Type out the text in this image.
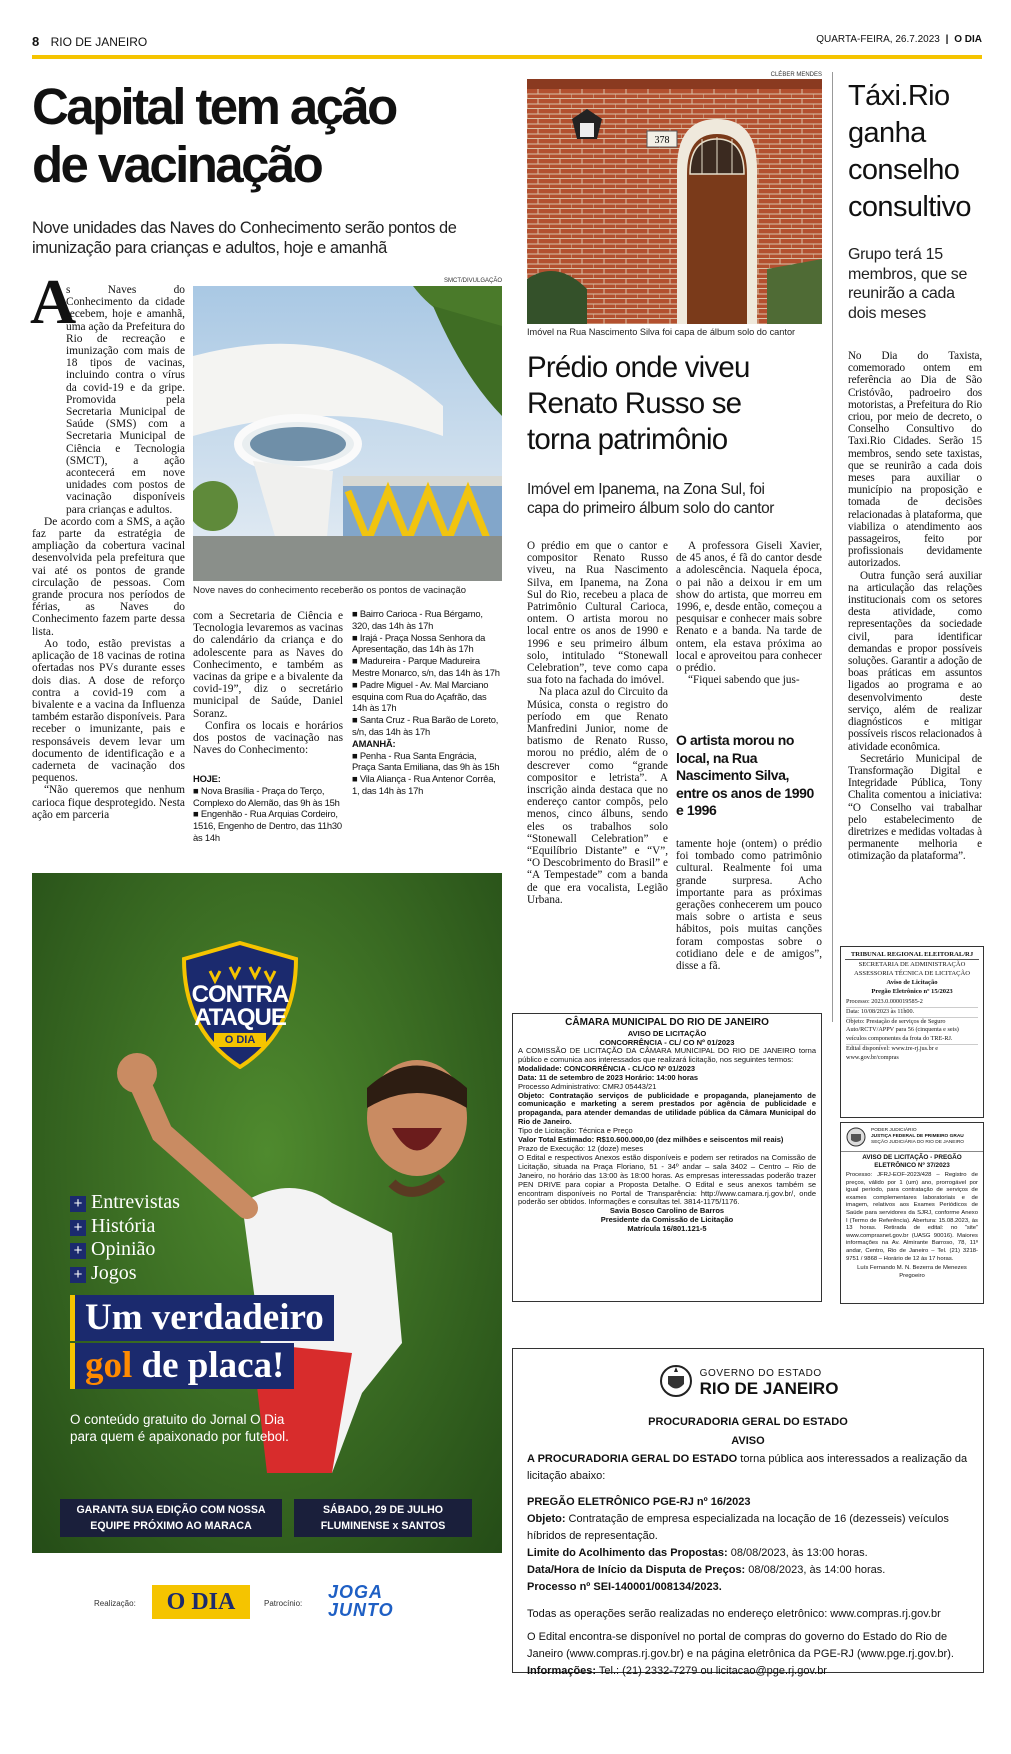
8 RIO DE JANEIRO	QUARTA-FEIRA, 26.7.2023 | O DIA
Capital tem ação
de vacinação
Nove unidades das Naves do Conhecimento serão pontos de
imunização para crianças e adultos, hoje e amanhã
SMCT/DIVULGAÇÃO
Nove naves do conhecimento receberão os pontos de vacinação
A

s Naves do Conhecimento da cidade recebem, hoje e amanhã, uma ação da Prefeitura do Rio de recreação e imunização com mais de 18 tipos de vacinas, incluindo contra o vírus da covid-19 e da gripe. Promovida pela Secretaria Municipal de Saúde (SMS) com a Secretaria Municipal de Ciência e Tecnologia (SMCT), a ação acontecerá em nove unidades com postos de vacinação disponíveis para crianças e adultos.

De acordo com a SMS, a ação faz parte da estratégia de ampliação da cobertura vacinal desenvolvida pela prefeitura que vai até os pontos de grande circulação de pessoas. Com grande procura nos períodos de férias, as Naves do Conhecimento fazem parte dessa lista.

Ao todo, estão previstas a aplicação de 18 vacinas de rotina ofertadas nos PVs durante esses dois dias. A dose de reforço contra a covid-19 com a bivalente e a vacina da Influenza também estarão disponíveis. Para receber o imunizante, pais e responsáveis devem levar um documento de identificação e a caderneta de vacinação dos pequenos.

“Não queremos que nenhum carioca fique desprotegido. Nesta ação em parceria

com a Secretaria de Ciência e Tecnologia levaremos as vacinas do calendário da criança e do adolescente para as Naves do Conhecimento, e também as vacinas da gripe e a bivalente da covid-19”, diz o secretário municipal de Saúde, Daniel Soranz.

Confira os locais e horários dos postos de vacinação nas Naves do Conhecimento:

HOJE:
■ Nova Brasília - Praça do Terço, Complexo do Alemão, das 9h às 15h
■ Engenhão - Rua Arquias Cordeiro, 1516, Engenho de Dentro, das 11h30 às 14h
■ Bairro Carioca - Rua Bérgamo, 320, das 14h às 17h
■ Irajá - Praça Nossa Senhora da Apresentação, das 14h às 17h
■ Madureira - Parque Madureira Mestre Monarco, s/n, das 14h às 17h
■ Padre Miguel - Av. Mal Marciano esquina com Rua do Açafrão, das 14h às 17h
■ Santa Cruz - Rua Barão de Loreto, s/n, das 14h às 17h
AMANHÃ:
■ Penha - Rua Santa Engrácia, Praça Santa Emiliana, das 9h às 15h
■ Vila Aliança - Rua Antenor Corrêa, 1, das 14h às 17h
CLÉBER MENDES
378
Imóvel na Rua Nascimento Silva foi capa de álbum solo do cantor
Prédio onde viveu
Renato Russo se
torna patrimônio
Imóvel em Ipanema, na Zona Sul, foi
capa do primeiro álbum solo do cantor

O prédio em que o cantor e compositor Renato Russo viveu, na Rua Nascimento Silva, em Ipanema, na Zona Sul do Rio, recebeu a placa de Patrimônio Cultural Carioca, ontem. O artista morou no local entre os anos de 1990 e 1996 e seu primeiro álbum solo, intitulado “Stonewall Celebration”, teve como capa sua foto na fachada do imóvel.

Na placa azul do Circuito da Música, consta o registro do período em que Renato Manfredini Junior, nome de batismo de Renato Russo, morou no prédio, além de o descrever como “grande compositor e letrista”. A inscrição ainda destaca que no endereço cantor compôs, pelo menos, cinco álbuns, sendo eles os trabalhos solo “Stonewall Celebration” e “Equilíbrio Distante” e “V”, “O Descobrimento do Brasil” e “A Tempestade” com a banda de que era vocalista, Legião Urbana.

A professora Giseli Xavier, de 45 anos, é fã do cantor desde a adolescência. Naquela época, o pai não a deixou ir em um show do artista, que morreu em 1996, e, desde então, começou a pesquisar e conhecer mais sobre Renato e a banda. Na tarde de ontem, ela estava próxima ao local e aproveitou para conhecer o prédio.

“Fiquei sabendo que jus-

O artista morou no local, na Rua Nascimento Silva, entre os anos de 1990 e 1996

tamente hoje (ontem) o prédio foi tombado como patrimônio cultural. Realmente foi uma grande surpresa. Acho importante para as próximas gerações conhecerem um pouco mais sobre o artista e seus hábitos, pois muitas canções foram compostas sobre o cotidiano dele e de amigos”, disse a fã.

Táxi.Rio
ganha
conselho
consultivo
Grupo terá 15 membros, que se reunirão a cada dois meses

No Dia do Taxista, comemorado ontem em referência ao Dia de São Cristóvão, padroeiro dos motoristas, a Prefeitura do Rio criou, por meio de decreto, o Conselho Consultivo do Taxi.Rio Cidades. Serão 15 membros, sendo sete taxistas, que se reunirão a cada dois meses para auxiliar o município na proposição e tomada de decisões relacionadas à plataforma, que viabiliza o atendimento aos passageiros, feito por profissionais devidamente autorizados.

Outra função será auxiliar na articulação das relações institucionais com os setores desta atividade, como representações da sociedade civil, para identificar demandas e propor possíveis soluções. Garantir a adoção de boas práticas em assuntos ligados ao programa e ao desenvolvimento deste serviço, além de realizar diagnósticos e mitigar possíveis riscos relacionados à atividade econômica.

Secretário Municipal de Transformação Digital e Integridade Pública, Tony Chalita comentou a iniciativa: “O Conselho vai trabalhar pelo estabelecimento de diretrizes e medidas voltadas à permanente melhoria e otimização da plataforma”.

TRIBUNAL REGIONAL ELEITORAL/RJ
SECRETARIA DE ADMINISTRAÇÃO
ASSESSORIA TÉCNICA DE LICITAÇÃO
Aviso de Licitação
Pregão Eletrônico nº 15/2023
Processo: 2023.0.000019585-2
Data: 10/08/2023 às 11h00.
Objeto: Prestação de serviços de Seguro Auto/RCTV/APPV para 56 (cinquenta e seis) veículos componentes da frota do TRE-RJ.
Edital disponível: www.tre-rj.jus.br e www.gov.br/compras
PODER JUDICIÁRIO
JUSTIÇA FEDERAL DE PRIMEIRO GRAU
SEÇÃO JUDICIÁRIA DO RIO DE JANEIRO
AVISO DE LICITAÇÃO - PREGÃO ELETRÔNICO Nº 37/2023
Processo: JFRJ-EOF-2023/428 – Registro de preços, válido por 1 (um) ano, prorrogável por igual período, para contratação de serviços de exames complementares laboratoriais e de imagem, relativos aos Exames Periódicos de Saúde para servidores da SJRJ, conforme Anexo I (Termo de Referência). Abertura: 15.08.2023, às 13 horas. Retirada de edital: no “site” www.comprasnet.gov.br (UASG 90016). Maiores informações na Av. Almirante Barroso, 78, 11º andar, Centro, Rio de Janeiro – Tel. (21) 3218-9751 / 9868 – Horário de 12 às 17 horas.
Luís Fernando M. N. Bezerra de Menezes
Pregoeiro
CÂMARA MUNICIPAL DO RIO DE JANEIRO
AVISO DE LICITAÇÃO
CONCORRÊNCIA - CL/ CO Nº 01/2023
A COMISSÃO DE LICITAÇÃO DA CÂMARA MUNICIPAL DO RIO DE JANEIRO torna público e comunica aos interessados que realizará licitação, nos seguintes termos:
Modalidade: CONCORRÊNCIA - CL/CO Nº 01/2023
Data: 11 de setembro de 2023 Horário: 14:00 horas
Processo Administrativo: CMRJ 05443/21
Objeto: Contratação serviços de publicidade e propaganda, planejamento de comunicação e marketing a serem prestados por agência de publicidade e propaganda, para atender demandas de utilidade pública da Câmara Municipal do Rio de Janeiro.
Tipo de Licitação: Técnica e Preço
Valor Total Estimado: R$10.600.000,00 (dez milhões e seiscentos mil reais)
Prazo de Execução: 12 (doze) meses
O Edital e respectivos Anexos estão disponíveis e podem ser retirados na Comissão de Licitação, situada na Praça Floriano, 51 - 34º andar – sala 3402 – Centro – Rio de Janeiro, no horário das 13:00 às 18:00 horas. As empresas interessadas poderão trazer PEN DRIVE para copiar a Proposta Detalhe. O Edital e seus anexos também se encontram disponíveis no Portal de Transparência: http://www.camara.rj.gov.br/, onde poderão ser obtidos. Informações e consultas tel. 3814-1175/1176.
Savia Bosco Carolino de Barros
Presidente da Comissão de Licitação
Matrícula 16/801.121-5
GOVERNO DO ESTADO
RIO DE JANEIRO
PROCURADORIA GERAL DO ESTADO
AVISO
A PROCURADORIA GERAL DO ESTADO torna pública aos interessados a realização da licitação abaixo:
PREGÃO ELETRÔNICO PGE-RJ nº 16/2023
Objeto: Contratação de empresa especializada na locação de 16 (dezesseis) veículos híbridos de representação.
Limite do Acolhimento das Propostas: 08/08/2023, às 13:00 horas.
Data/Hora de Início da Disputa de Preços: 08/08/2023, às 14:00 horas.
Processo nº SEI-140001/008134/2023.
Todas as operações serão realizadas no endereço eletrônico: www.compras.rj.gov.br
O Edital encontra-se disponível no portal de compras do governo do Estado do Rio de Janeiro (www.compras.rj.gov.br) e na página eletrônica da PGE-RJ (www.pge.rj.gov.br).
Informações: Tel.: (21) 2332-7279 ou licitacao@pge.rj.gov.br
CONTRA
ATAQUE
O DIA
+ Entrevistas
+ História
+ Opinião
+ Jogos
Um verdadeiro
gol de placa!
O conteúdo gratuito do Jornal O Dia
para quem é apaixonado por futebol.
GARANTA SUA EDIÇÃO COM NOSSA
EQUIPE PRÓXIMO AO MARACA
SÁBADO, 29 DE JULHO
FLUMINENSE x SANTOS
Realização:	O DIA	Patrocínio:
JOGA
JUNTO
